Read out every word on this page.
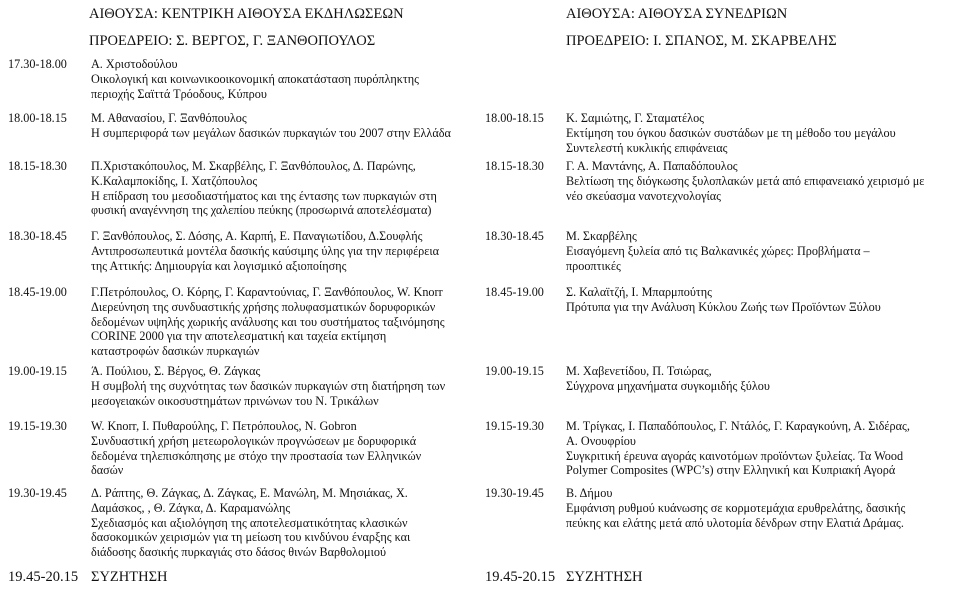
ΑΙΘΟΥΣΑ: ΚΕΝΤΡΙΚΗ ΑΙΘΟΥΣΑ ΕΚΔΗΛΩΣΕΩΝ
ΠΡΟΕΔΡΕΙΟ: Σ. ΒΕΡΓΟΣ, Γ. ΞΑΝΘΟΠΟΥΛΟΣ
ΑΙΘΟΥΣΑ: ΑΙΘΟΥΣΑ ΣΥΝΕΔΡΙΩΝ
ΠΡΟΕΔΡΕΙΟ: Ι. ΣΠΑΝΟΣ, Μ. ΣΚΑΡΒΕΛΗΣ
17.30-18.00 Α. Χριστοδούλου
Οικολογική και κοινωνικοοικονομική αποκατάσταση πυρόπληκτης
περιοχής Σαϊττά Τρόοδους, Κύπρου
18.00-18.15 Μ. Αθανασίου, Γ. Ξανθόπουλος
Η συμπεριφορά των μεγάλων δασικών πυρκαγιών του 2007 στην Ελλάδα
18.15-18.30 Π.Χριστακόπουλος, Μ. Σκαρβέλης, Γ. Ξανθόπουλος, Δ. Παρώνης,
Κ.Καλαμποκίδης, Ι. Χατζόπουλος
Η επίδραση του μεσοδιαστήματος και της έντασης των πυρκαγιών στη
φυσική αναγέννηση της χαλεπίου πεύκης (προσωρινά αποτελέσματα)
18.30-18.45 Γ. Ξανθόπουλος, Σ. Δόσης, Α. Καρπή, Ε. Παναγιωτίδου, Δ.Σουφλής
Αντιπροσωπευτικά μοντέλα δασικής καύσιμης ύλης για την περιφέρεια
της Αττικής: Δημιουργία και λογισμικό αξιοποίησης
18.45-19.00 Γ.Πετρόπουλος, Ο. Κόρης, Γ. Καραντούνιας, Γ. Ξανθόπουλος, W. Knorr
Διερεύνηση της συνδυαστικής χρήσης πολυφασματικών δορυφορικών
δεδομένων υψηλής χωρικής ανάλυσης και του συστήματος ταξινόμησης
CORINE 2000 για την αποτελεσματική και ταχεία εκτίμηση
καταστροφών δασικών πυρκαγιών
19.00-19.15 Ά. Πούλιου, Σ. Βέργος, Θ. Ζάγκας
Η συμβολή της συχνότητας των δασικών πυρκαγιών στη διατήρηση των
μεσογειακών οικοσυστημάτων πρινώνων του Ν. Τρικάλων
19.15-19.30 W. Knorr, Ι. Πυθαρούλης, Γ. Πετρόπουλος, N. Gobron
Συνδυαστική χρήση μετεωρολογικών προγνώσεων με δορυφορικά
δεδομένα τηλεπισκόπησης με στόχο την προστασία των Ελληνικών
δασών
19.30-19.45 Δ. Ράπτης, Θ. Ζάγκας, Δ. Ζάγκας, Ε. Μανώλη, Μ. Μησιάκας, Χ.
Δαμάσκος, , Θ. Ζάγκα, Δ. Καραμανώλης
Σχεδιασμός και αξιολόγηση της αποτελεσματικότητας κλασικών
δασοκομικών χειρισμών για τη μείωση του κινδύνου έναρξης και
διάδοσης δασικής πυρκαγιάς στο δάσος θινών Βαρθολομιού
18.00-18.15 Κ. Σαμιώτης, Γ. Σταματέλος
Εκτίμηση του όγκου δασικών συστάδων με τη μέθοδο του μεγάλου
Συντελεστή κυκλικής επιφάνειας
18.15-18.30 Γ. Α. Μαντάνης, Α. Παπαδόπουλος
Βελτίωση της διόγκωσης ξυλοπλακών μετά από επιφανειακό χειρισμό με
νέο σκεύασμα νανοτεχνολογίας
18.30-18.45 Μ. Σκαρβέλης
Εισαγόμενη ξυλεία από τις Βαλκανικές χώρες: Προβλήματα –
προοπτικές
18.45-19.00 Σ. Καλαϊτζή, Ι. Μπαρμπούτης
Πρότυπα για την Ανάλυση Κύκλου Ζωής των Προϊόντων Ξύλου
19.00-19.15 Μ. Χαβενετίδου, Π. Τσιώρας,
Σύγχρονα μηχανήματα συγκομιδής ξύλου
19.15-19.30 Μ. Τρίγκας, Ι. Παπαδόπουλος, Γ. Ντάλός, Γ. Καραγκούνη, Α. Σιδέρας,
Α. Ονουφρίου
Συγκριτική έρευνα αγοράς καινοτόμων προϊόντων ξυλείας. Τα Wood
Polymer Composites (WPC’s) στην Ελληνική και Κυπριακή Αγορά
19.30-19.45 Β. Δήμου
Εμφάνιση ρυθμού κυάνωσης σε κορμοτεμάχια ερυθρελάτης, δασικής
πεύκης και ελάτης μετά από υλοτομία δένδρων στην Ελατιά Δράμας.
19.45-20.15 ΣΥΖΗΤΗΣΗ	19.45-20.15 ΣΥΖΗΤΗΣΗ
